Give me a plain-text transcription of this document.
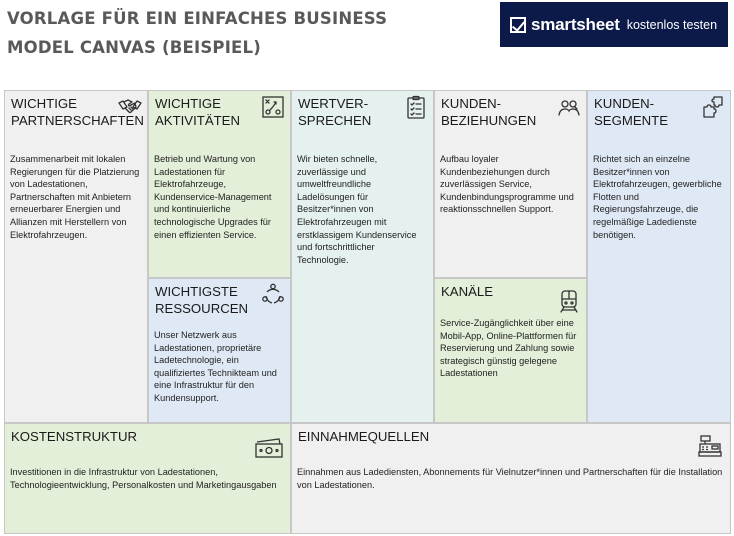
VORLAGE FÜR EIN EINFACHES BUSINESS
MODEL CANVAS (BEISPIEL)
smartsheet kostenlos testen
WICHTIGE
PARTNERSCHAFTEN

Zusammenarbeit mit lokalen Regierungen für die Platzierung von Ladestationen, Partnerschaften mit Anbietern erneuerbarer Energien und Allianzen mit Herstellern von Elektrofahrzeugen.

WICHTIGE
AKTIVITÄTEN

Betrieb und Wartung von Ladestationen für Elektrofahrzeuge, Kundenservice-Management und kontinuierliche technologische Upgrades für einen effizienten Service.

WICHTIGSTE
RESSOURCEN

Unser Netzwerk aus Ladestationen, proprietäre Ladetechnologie, ein qualifiziertes Technikteam und eine Infrastruktur für den Kundensupport.

WERTVER-
SPRECHEN

Wir bieten schnelle, zuverlässige und umweltfreundliche Ladelösungen für Besitzer*innen von Elektrofahrzeugen mit erstklassigem Kundenservice und fortschrittlicher Technologie.

KUNDEN-
BEZIEHUNGEN

Aufbau loyaler Kundenbeziehungen durch zuverlässigen Service, Kundenbindungsprogramme und reaktionsschnellen Support.

KANÄLE

Service-Zugänglichkeit über eine Mobil-App, Online-Plattformen für Reservierung und Zahlung sowie strategisch günstig gelegene Ladestationen

KUNDEN-
SEGMENTE

Richtet sich an einzelne Besitzer*innen von Elektrofahrzeugen, gewerbliche Flotten und Regierungsfahrzeuge, die regelmäßige Ladedienste benötigen.

KOSTENSTRUKTUR

Investitionen in die Infrastruktur von Ladestationen, Technologieentwicklung, Personalkosten und Marketingausgaben

EINNAHMEQUELLEN

Einnahmen aus Ladediensten, Abonnements für Vielnutzer*innen und Partnerschaften für die Installation von Ladestationen.
